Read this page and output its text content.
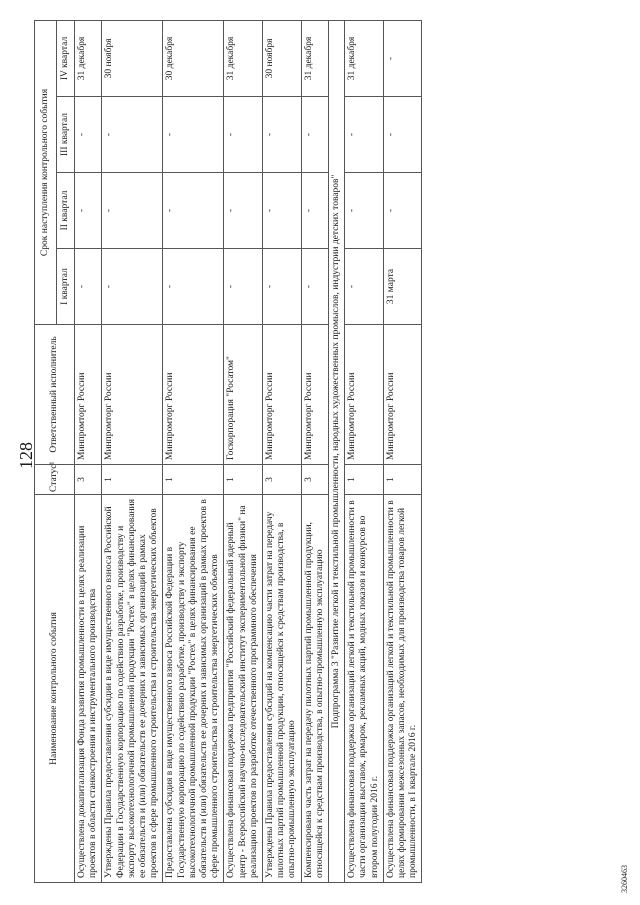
128
Наименование контрольного события	Статус¹	Ответственный исполнитель	Срок наступления контрольного события			
			I квартал	II квартал	III квартал	IV квартал
Осуществлена докапитализация Фонда развития промышленности в целях реализации проектов в области станкостроения и инструментального производства	3	Минпромторг России	-	-	-	31 декабря
Утверждены Правила предоставления субсидии в виде имущественного взноса Российской Федерации в Государственную корпорацию по содействию разработке, производству и экспорту высокотехнологичной промышленной продукции "Ростех" в целях финансирования ее обязательств и (или) обязательств ее дочерних и зависимых организаций в рамках проектов в сфере промышленного строительства и строительства энергетических объектов	1	Минпромторг России	-	-	-	30 ноября
Предоставлена субсидия в виде имущественного взноса Российской Федерации в Государственную корпорацию по содействию разработке, производству и экспорту высокотехнологичной промышленной продукции "Ростех" в целях финансирования ее обязательств и (или) обязательств ее дочерних и зависимых организаций в рамках проектов в сфере промышленного строительства и строительства энергетических объектов	1	Минпромторг России	-	-	-	30 декабря
Осуществлена финансовая поддержка предприятия "Российский федеральный ядерный центр - Всероссийский научно-исследовательский институт экспериментальной физики" на реализацию проектов по разработке отечественного программного обеспечения	1	Госкорпорация "Росатом"	-	-	-	31 декабря
Утверждены Правила предоставления субсидий на компенсацию части затрат на передачу пилотных партий промышленной продукции, относящейся к средствам производства, в опытно-промышленную эксплуатацию	3	Минпромторг России	-	-	-	30 ноября
Компенсирована часть затрат на передачу пилотных партий промышленной продукции, относящейся к средствам производства, в опытно-промышленную эксплуатацию	3	Минпромторг России	-	-	-	31 декабря
Подпрограмма 3 "Развитие легкой и текстильной промышленности, народных художественных промыслов, индустрии детских товаров"						
Осуществлена финансовая поддержка организаций легкой и текстильной промышленности в части организации выставок, ярмарок, рекламных акций, модных показов и конкурсов во втором полугодии 2016 г.	1	Минпромторг России	-	-	-	31 декабря
Осуществлена финансовая поддержка организаций легкой и текстильной промышленности в целях формирования межсезонных запасов, необходимых для производства товаров легкой промышленности, в I квартале 2016 г.	1	Минпромторг России	31 марта	-	-	-
3260463
